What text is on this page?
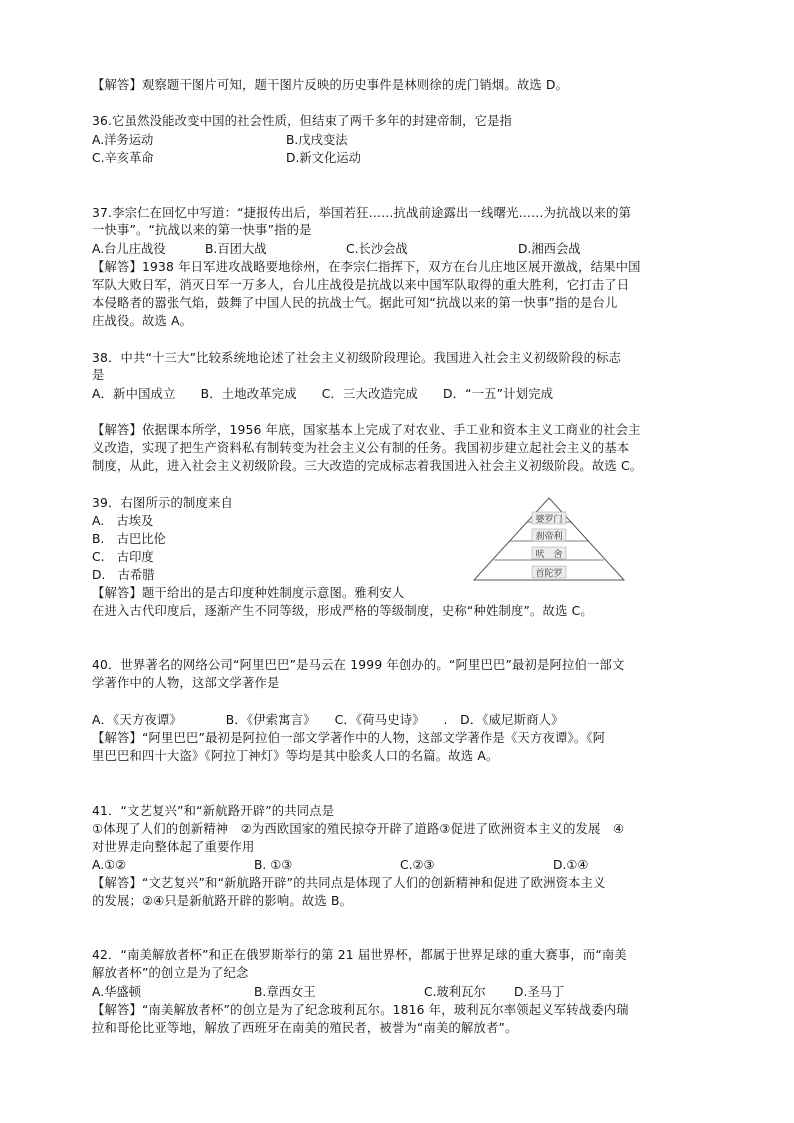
【解答】观察题干图片可知，题干图片反映的历史事件是林则徐的虎门销烟。故选 D。
36.它虽然没能改变中国的社会性质，但结束了两千多年的封建帝制，它是指
A.洋务运动	B.戊戌变法
C.辛亥革命	D.新文化运动
37.李宗仁在回忆中写道：“捷报传出后，举国若狂……抗战前途露出一线曙光……为抗战以来的第
一快事”。“抗战以来的第一快事”指的是
A.台儿庄战役	B.百团大战	C.长沙会战	D.湘西会战
【解答】1938 年日军进攻战略要地徐州，在李宗仁指挥下，双方在台儿庄地区展开激战，结果中国
军队大败日军，消灭日军一万多人，台儿庄战役是抗战以来中国军队取得的重大胜利，它打击了日
本侵略者的嚣张气焰，鼓舞了中国人民的抗战士气。据此可知“抗战以来的第一快事”指的是台儿
庄战役。故选 A。
38．中共“十三大”比较系统地论述了社会主义初级阶段理论。我国进入社会主义初级阶段的标志
是
A．新中国成立　　B．土地改革完成　　C．三大改造完成　　D．“一五”计划完成
【解答】依据课本所学，1956 年底，国家基本上完成了对农业、手工业和资本主义工商业的社会主
义改造，实现了把生产资料私有制转变为社会主义公有制的任务。我国初步建立起社会主义的基本
制度，从此，进入社会主义初级阶段。三大改造的完成标志着我国进入社会主义初级阶段。故选 C。
39．右图所示的制度来自
A.　古埃及
B.　古巴比伦
C.　古印度
D.　古希腊
婆罗门
刹帝利
吠　舍
首陀罗
【解答】题干给出的是古印度种姓制度示意图。雅利安人
在进入古代印度后，逐渐产生不同等级，形成严格的等级制度，史称“种姓制度”。故选 C。
40．世界著名的网络公司“阿里巴巴”是马云在 1999 年创办的。“阿里巴巴”最初是阿拉伯一部文
学著作中的人物，这部文学著作是
A．《天方夜谭》　　　　B．《伊索寓言》　　C．《荷马史诗》　　.　D．《威尼斯商人》
【解答】“阿里巴巴”最初是阿拉伯一部文学著作中的人物，这部文学著作是《天方夜谭》。《阿
里巴巴和四十大盗》《阿拉丁神灯》等均是其中脍炙人口的名篇。故选 A。
41．“文艺复兴”和“新航路开辟”的共同点是
①体现了人们的创新精神　②为西欧国家的殖民掠夺开辟了道路③促进了欧洲资本主义的发展　④
对世界走向整体起了重要作用
A.①②	B. ①③	C.②③	D.①④
【解答】“文艺复兴”和“新航路开辟”的共同点是体现了人们的创新精神和促进了欧洲资本主义
的发展；②④只是新航路开辟的影响。故选 B。
42．“南美解放者杯”和正在俄罗斯举行的第 21 届世界杯，都属于世界足球的重大赛事，而“南美
解放者杯”的创立是为了纪念
A.华盛顿	B.章西女王	C.玻利瓦尔 D.圣马丁
【解答】“南美解放者杯”的创立是为了纪念玻利瓦尔。1816 年，玻利瓦尔率领起义军转战委内瑞
拉和哥伦比亚等地，解放了西班牙在南美的殖民者，被誉为“南美的解放者”。
